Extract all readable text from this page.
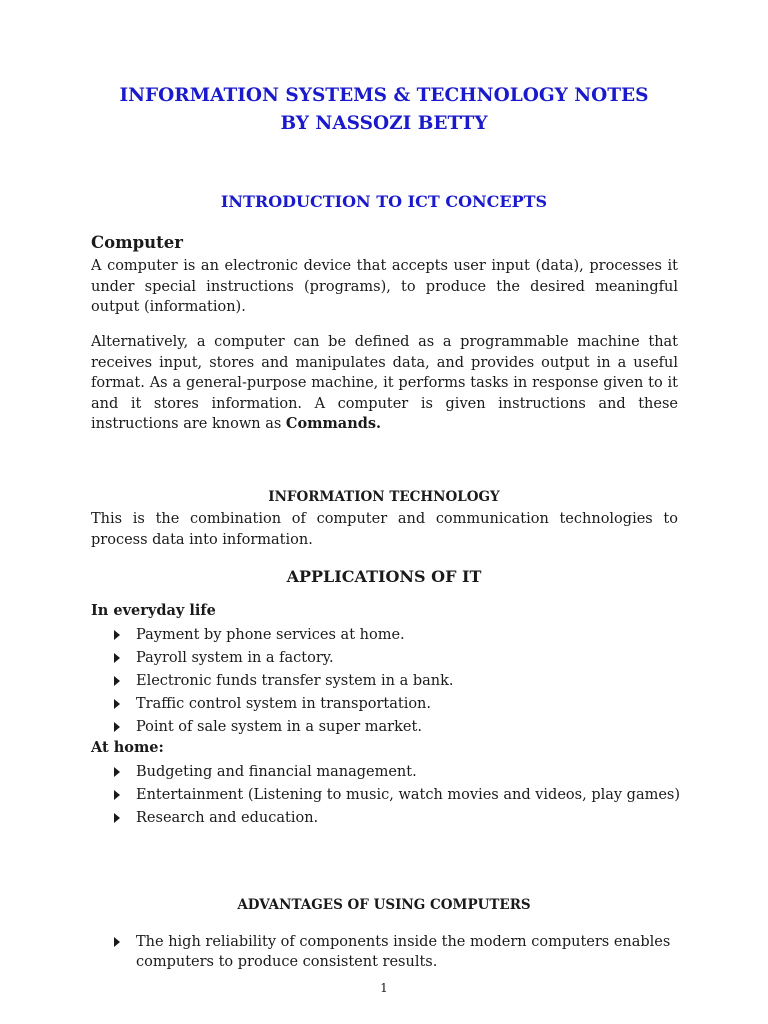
INFORMATION SYSTEMS & TECHNOLOGY NOTES
BY NASSOZI BETTY
INTRODUCTION TO ICT CONCEPTS
Computer

A computer is an electronic device that accepts user input (data), processes it under special instructions (programs), to produce the desired meaningful output (information).

Alternatively, a computer can be defined as a programmable machine that receives input, stores and manipulates data, and provides output in a useful format. As a general-purpose machine, it performs tasks in response given to it and it stores information. A computer is given instructions and these instructions are known as Commands.

INFORMATION TECHNOLOGY

This is the combination of computer and communication technologies to process data into information.

APPLICATIONS OF IT
In everyday life
Payment by phone services at home.
Payroll system in a factory.
Electronic funds transfer system in a bank.
Traffic control system in transportation.
Point of sale system in a super market.
At home:
Budgeting and financial management.
Entertainment (Listening to music, watch movies and videos, play games)
Research and education.
ADVANTAGES OF USING COMPUTERS
The high reliability of components inside the modern computers enables computers to produce consistent results.
1
